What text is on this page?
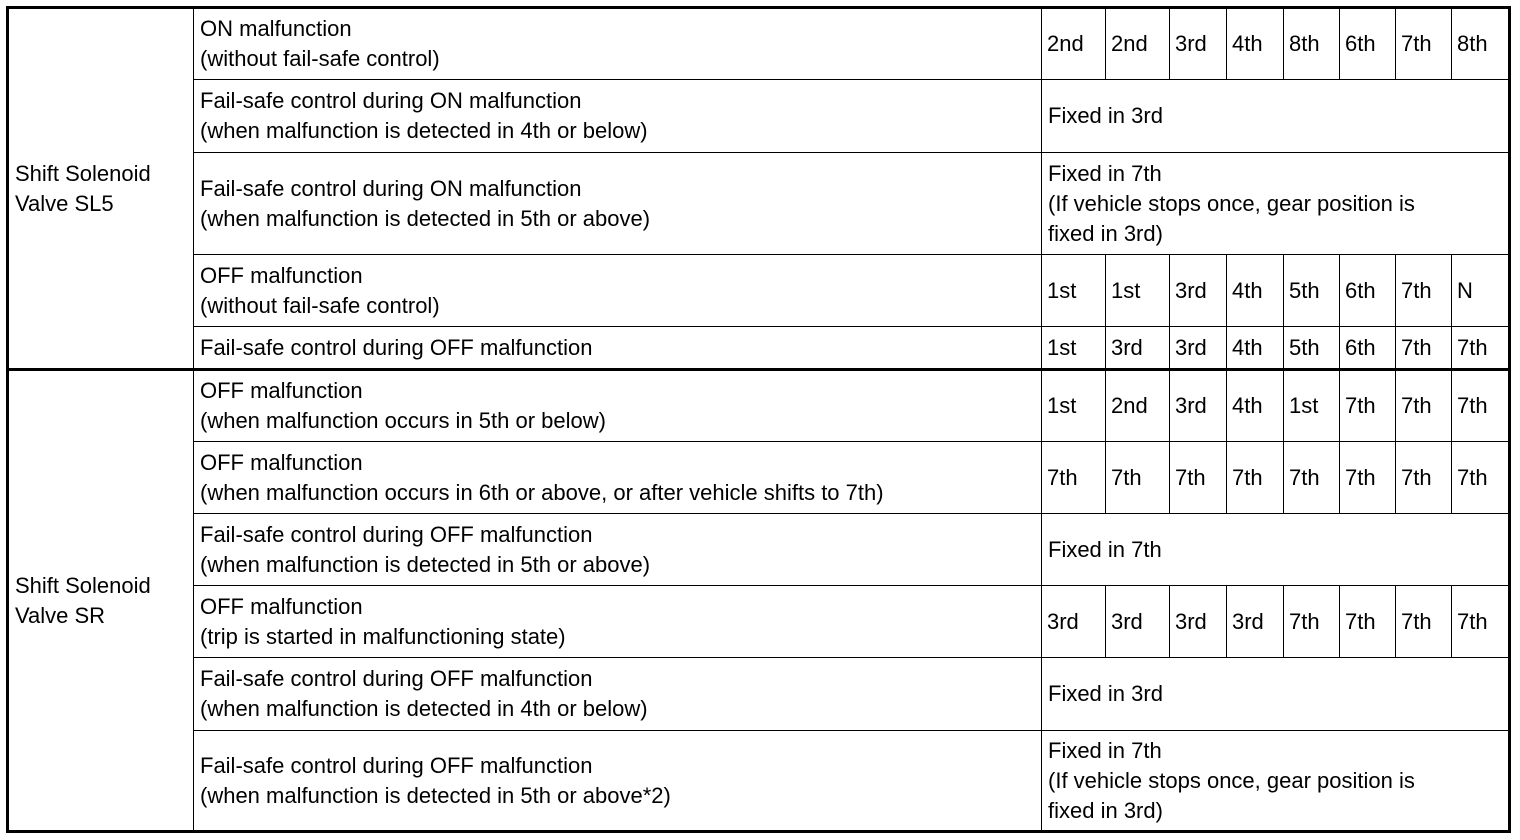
Shift Solenoid
Valve SL5	ON malfunction
(without fail-safe control)	2nd	2nd	3rd	4th	8th	6th	7th	8th

	Fail-safe control during ON malfunction
(when malfunction is detected in 4th or below)	Fixed in 3rd							

	Fail-safe control during ON malfunction
(when malfunction is detected in 5th or above)	Fixed in 7th
(If vehicle stops once, gear position is
fixed in 3rd)							

	OFF malfunction
(without fail-safe control)	1st	1st	3rd	4th	5th	6th	7th	N

	Fail-safe control during OFF malfunction	1st	3rd	3rd	4th	5th	6th	7th	7th

Shift Solenoid
Valve SR	OFF malfunction
(when malfunction occurs in 5th or below)	1st	2nd	3rd	4th	1st	7th	7th	7th

	OFF malfunction
(when malfunction occurs in 6th or above, or after vehicle shifts to 7th)	7th	7th	7th	7th	7th	7th	7th	7th

	Fail-safe control during OFF malfunction
(when malfunction is detected in 5th or above)	Fixed in 7th							

	OFF malfunction
(trip is started in malfunctioning state)	3rd	3rd	3rd	3rd	7th	7th	7th	7th

	Fail-safe control during OFF malfunction
(when malfunction is detected in 4th or below)	Fixed in 3rd							

	Fail-safe control during OFF malfunction
(when malfunction is detected in 5th or above*2)	Fixed in 7th
(If vehicle stops once, gear position is
fixed in 3rd)							
